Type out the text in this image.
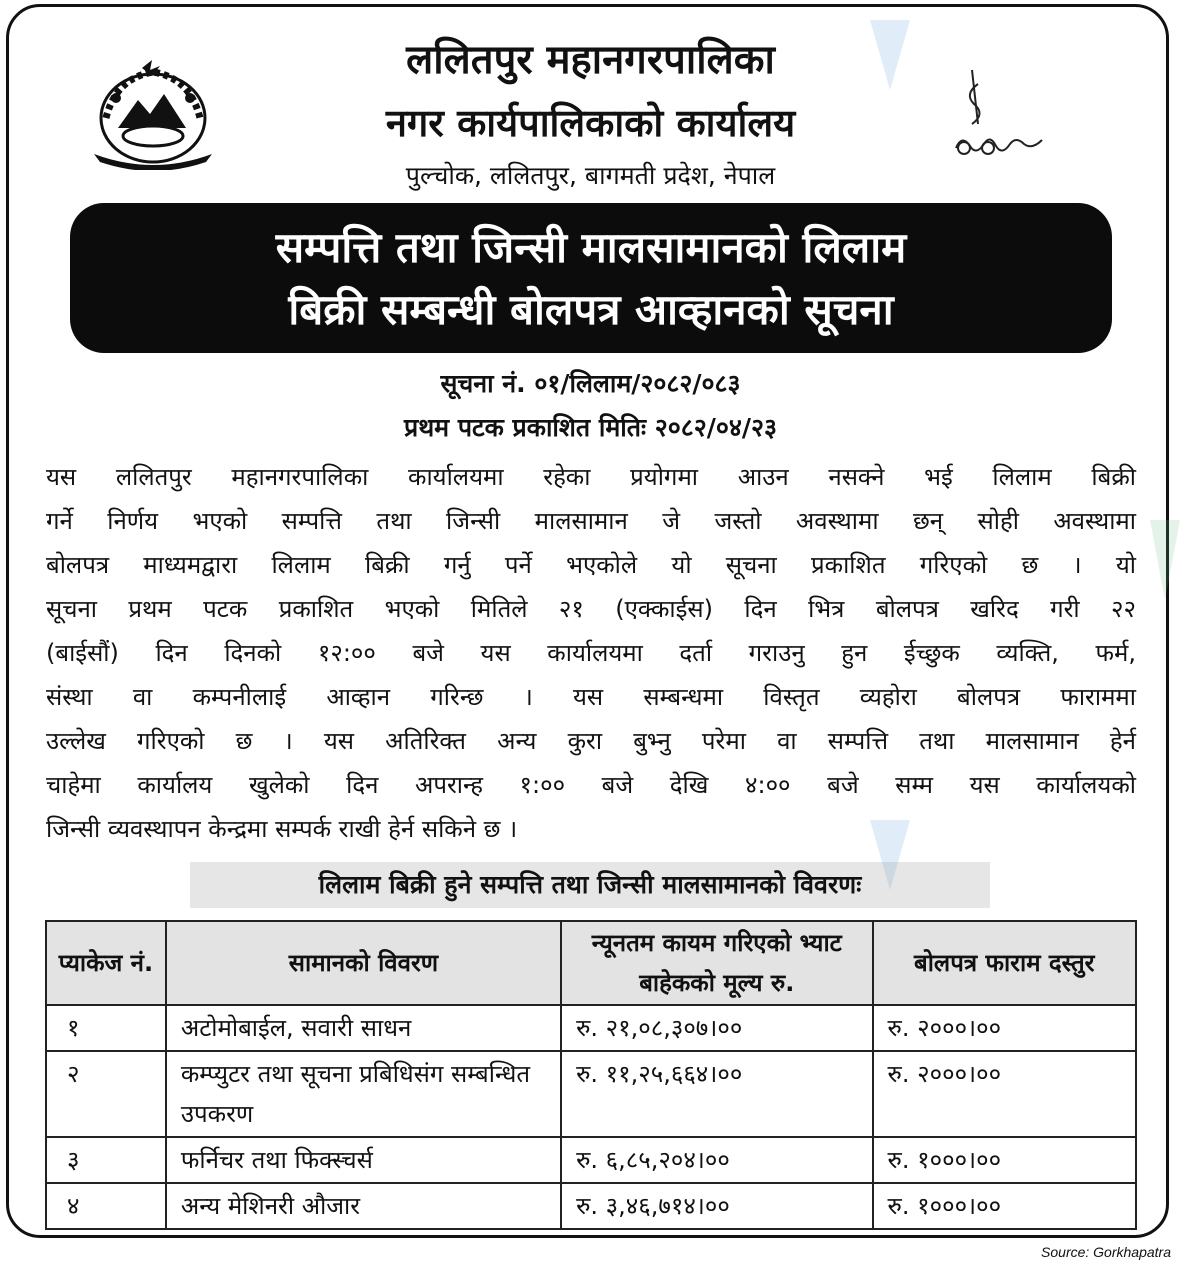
ललितपुर महानगरपालिका
नगर कार्यपालिकाको कार्यालय
पुल्चोक, ललितपुर, बागमती प्रदेश, नेपाल
सम्पत्ति तथा जिन्सी मालसामानको लिलाम
बिक्री सम्बन्धी बोलपत्र आव्हानको सूचना
सूचना नं. ०१/लिलाम/२०८२/०८३
प्रथम पटक प्रकाशित मितिः २०८२/०४/२३
यस ललितपुर महानगरपालिका कार्यालयमा रहेका प्रयोगमा आउन नसक्ने भई लिलाम बिक्री
गर्ने निर्णय भएको सम्पत्ति तथा जिन्सी मालसामान जे जस्तो अवस्थामा छन् सोही अवस्थामा
बोलपत्र माध्यमद्वारा लिलाम बिक्री गर्नु पर्ने भएकोले यो सूचना प्रकाशित गरिएको छ । यो
सूचना प्रथम पटक प्रकाशित भएको मितिले २१ (एक्काईस) दिन भित्र बोलपत्र खरिद गरी २२
(बाईसौं) दिन दिनको १२:०० बजे यस कार्यालयमा दर्ता गराउनु हुन ईच्छुक व्यक्ति, फर्म,
संस्था वा कम्पनीलाई आव्हान गरिन्छ । यस सम्बन्धमा विस्तृत व्यहोरा बोलपत्र फाराममा
उल्लेख गरिएको छ । यस अतिरिक्त अन्य कुरा बुभ्नु परेमा वा सम्पत्ति तथा मालसामान हेर्न
चाहेमा कार्यालय खुलेको दिन अपरान्ह १:०० बजे देखि ४:०० बजे सम्म यस कार्यालयको
जिन्सी व्यवस्थापन केन्द्रमा सम्पर्क राखी हेर्न सकिने छ ।
लिलाम बिक्री हुने सम्पत्ति तथा जिन्सी मालसामानको विवरणः
प्याकेज नं.	सामानको विवरण	न्यूनतम कायम गरिएको भ्याट बाहेकको मूल्य रु.	बोलपत्र फाराम दस्तुर
१	अटोमोबाईल, सवारी साधन	रु. २१,०८,३०७।००	रु. २०००।००
२	कम्प्युटर तथा सूचना प्रबिधिसंग सम्बन्धित उपकरण	रु. ११,२५,६६४।००	रु. २०००।००
३	फर्निचर तथा फिक्स्चर्स	रु. ६,८५,२०४।००	रु. १०००।००
४	अन्य मेशिनरी औजार	रु. ३,४६,७१४।००	रु. १०००।००
Source: Gorkhapatra
